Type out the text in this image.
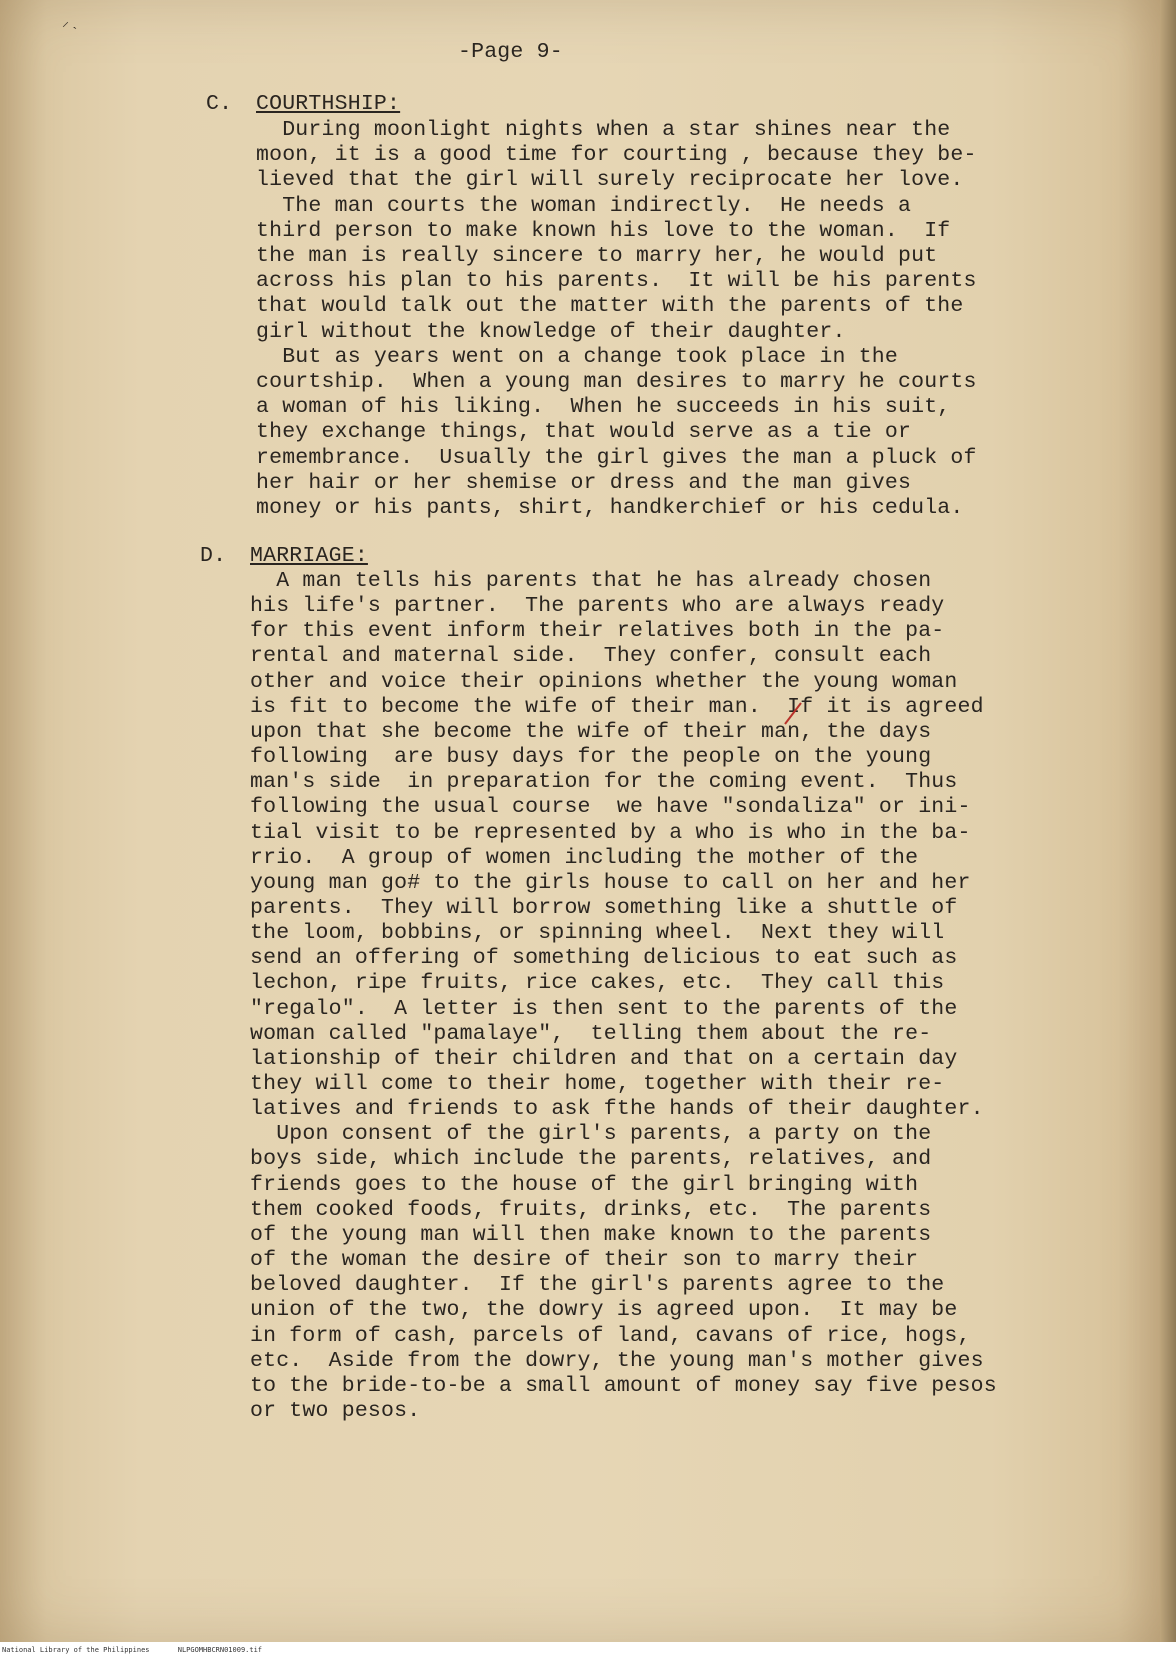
⸝ ˏ
-Page 9-
C. COURTHSHIP:
During moonlight nights when a star shines near the
moon, it is a good time for courting , because they be-
lieved that the girl will surely reciprocate her love.
The man courts the woman indirectly.  He needs a
third person to make known his love to the woman.  If
the man is really sincere to marry her, he would put
across his plan to his parents.  It will be his parents
that would talk out the matter with the parents of the
girl without the knowledge of their daughter.
But as years went on a change took place in the
courtship.  When a young man desires to marry he courts
a woman of his liking.  When he succeeds in his suit,
they exchange things, that would serve as a tie or
remembrance.  Usually the girl gives the man a pluck of
her hair or her shemise or dress and the man gives
money or his pants, shirt, handkerchief or his cedula.
D. MARRIAGE:
A man tells his parents that he has already chosen
his life's partner.  The parents who are always ready
for this event inform their relatives both in the pa-
rental and maternal side.  They confer, consult each
other and voice their opinions whether the young woman
is fit to become the wife of their man.  If it is agreed
upon that she become the wife of their man, the days
following  are busy days for the people on the young
man's side  in preparation for the coming event.  Thus
following the usual course  we have "sondaliza" or ini-
tial visit to be represented by a who is who in the ba-
rrio.  A group of women including the mother of the
young man go# to the girls house to call on her and her
parents.  They will borrow something like a shuttle of
the loom, bobbins, or spinning wheel.  Next they will
send an offering of something delicious to eat such as
lechon, ripe fruits, rice cakes, etc.  They call this
"regalo".  A letter is then sent to the parents of the
woman called "pamalaye",  telling them about the re-
lationship of their children and that on a certain day
they will come to their home, together with their re-
latives and friends to ask fthe hands of their daughter.
Upon consent of the girl's parents, a party on the
boys side, which include the parents, relatives, and
friends goes to the house of the girl bringing with
them cooked foods, fruits, drinks, etc.  The parents
of the young man will then make known to the parents
of the woman the desire of their son to marry their
beloved daughter.  If the girl's parents agree to the
union of the two, the dowry is agreed upon.  It may be
in form of cash, parcels of land, cavans of rice, hogs,
etc.  Aside from the dowry, the young man's mother gives
to the bride-to-be a small amount of money say five pesos
or two pesos.
National Library of the Philippines	NLPGOMHBCRN01009.tif
